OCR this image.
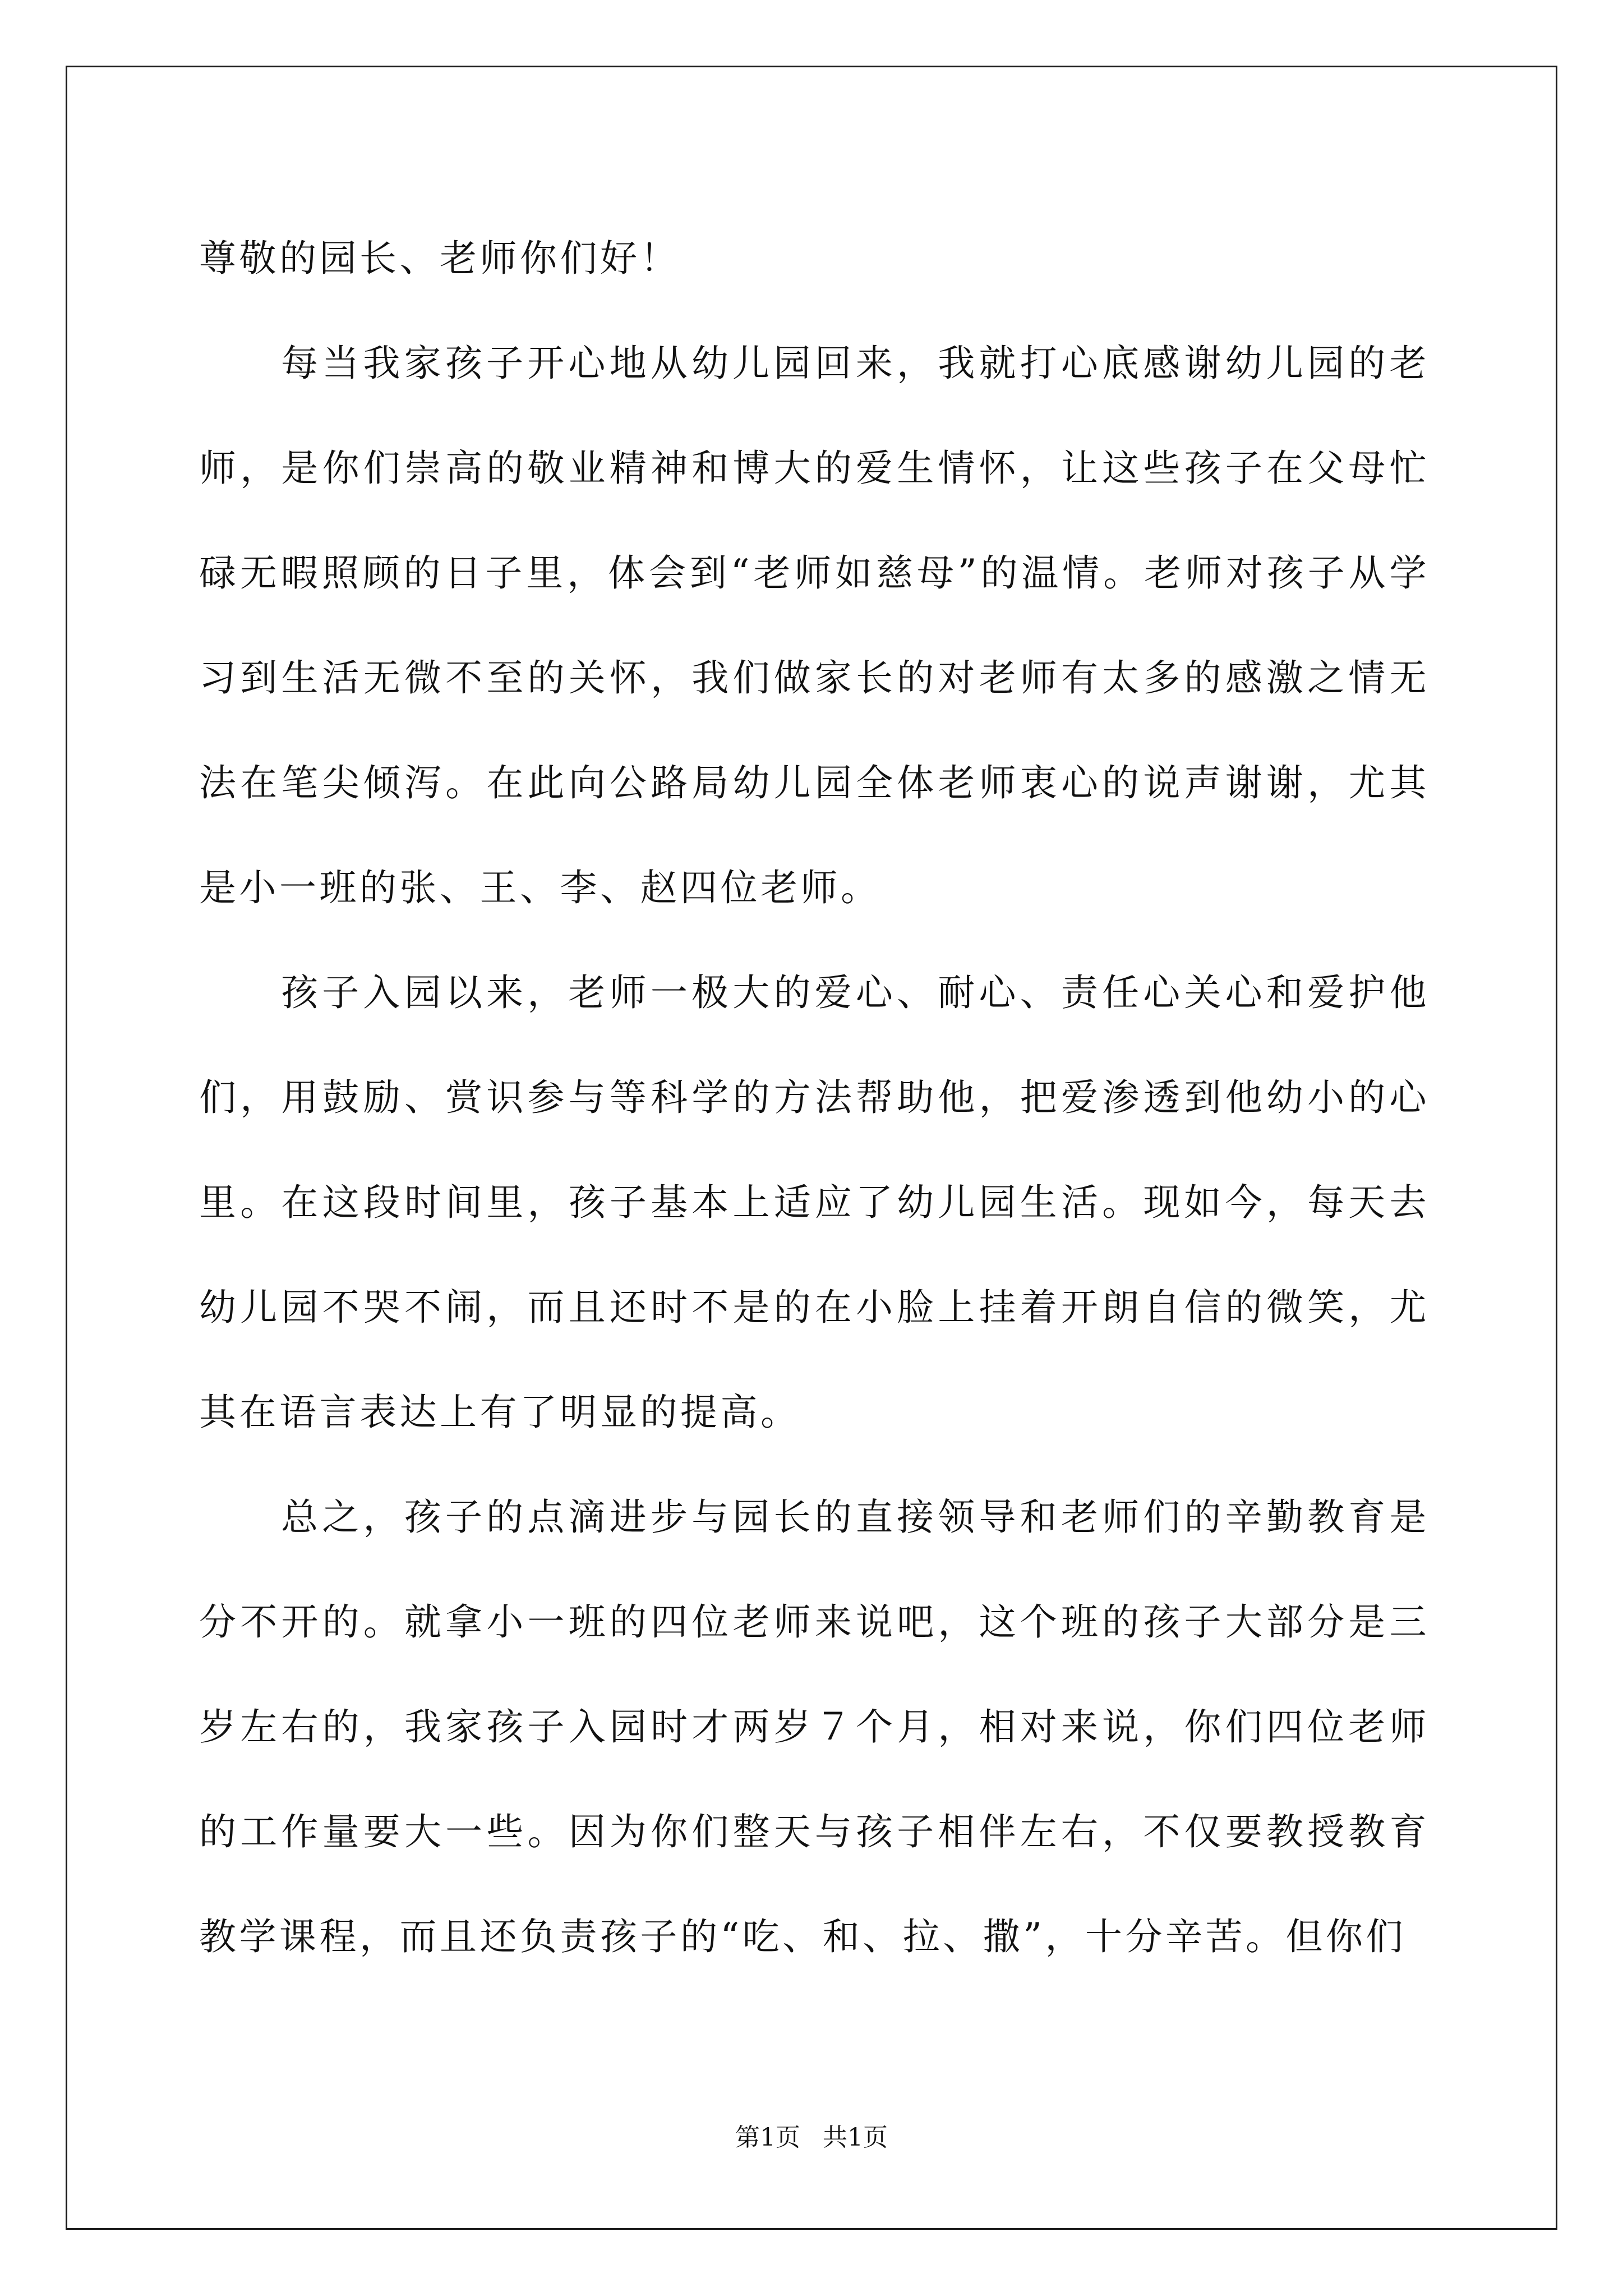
尊敬的园长、老师你们好！

每当我家孩子开心地从幼儿园回来，我就打心底感谢幼儿园的老师，是你们崇高的敬业精神和博大的爱生情怀，让这些孩子在父母忙碌无暇照顾的日子里，体会到“老师如慈母”的温情。老师对孩子从学习到生活无微不至的关怀，我们做家长的对老师有太多的感激之情无法在笔尖倾泻。在此向公路局幼儿园全体老师衷心的说声谢谢，尤其是小一班的张、王、李、赵四位老师。

孩子入园以来，老师一极大的爱心、耐心、责任心关心和爱护他们，用鼓励、赏识参与等科学的方法帮助他，把爱渗透到他幼小的心里。在这段时间里，孩子基本上适应了幼儿园生活。现如今，每天去幼儿园不哭不闹，而且还时不是的在小脸上挂着开朗自信的微笑，尤其在语言表达上有了明显的提高。

总之，孩子的点滴进步与园长的直接领导和老师们的辛勤教育是分不开的。就拿小一班的四位老师来说吧，这个班的孩子大部分是三岁左右的，我家孩子入园时才两岁７个月，相对来说，你们四位老师的工作量要大一些。因为你们整天与孩子相伴左右，不仅要教授教育教学课程，而且还负责孩子的“吃、和、拉、撒”，十分辛苦。但你们

第1页 共1页
